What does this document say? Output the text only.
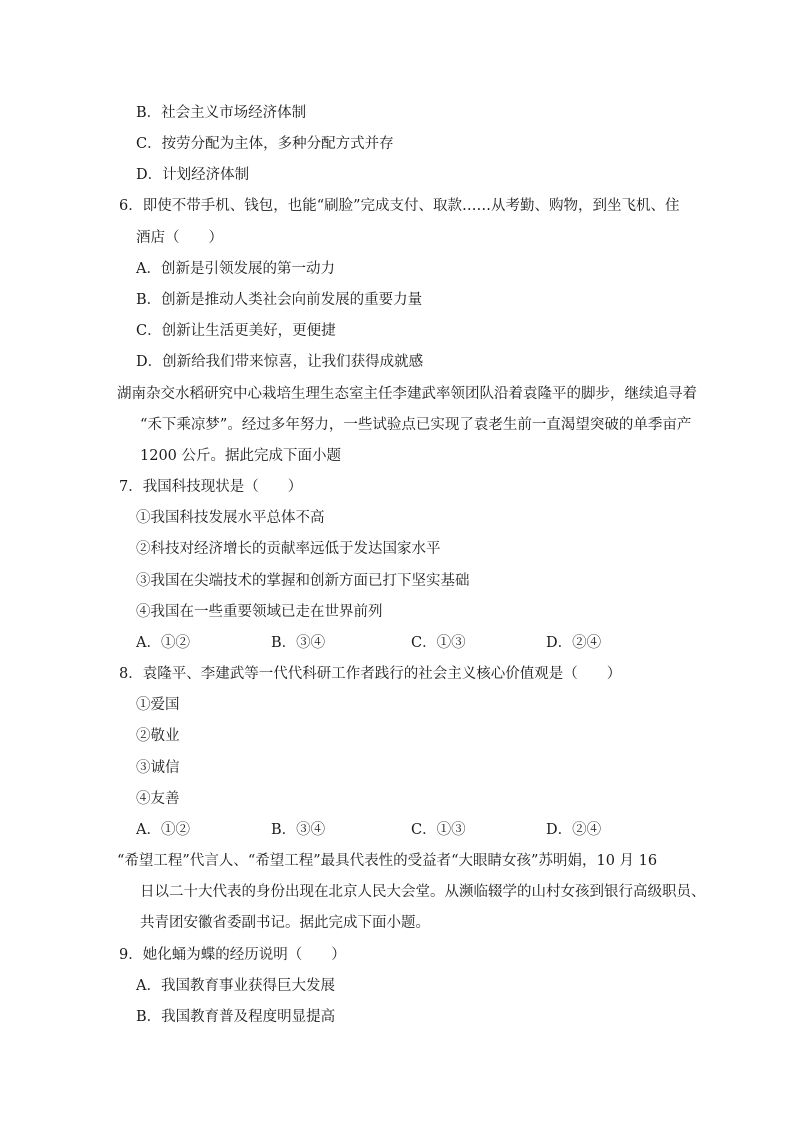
B．社会主义市场经济体制
C．按劳分配为主体，多种分配方式并存
D．计划经济体制
6．即使不带手机、钱包，也能“刷脸”完成支付、取款……从考勤、购物，到坐飞机、住
酒店（　　）
A．创新是引领发展的第一动力
B．创新是推动人类社会向前发展的重要力量
C．创新让生活更美好，更便捷
D．创新给我们带来惊喜，让我们获得成就感
湖南杂交水稻研究中心栽培生理生态室主任李建武率领团队沿着袁隆平的脚步，继续追寻着
“禾下乘凉梦”。经过多年努力，一些试验点已实现了袁老生前一直渴望突破的单季亩产
1200 公斤。据此完成下面小题
7．我国科技现状是（　　）
①我国科技发展水平总体不高
②科技对经济增长的贡献率远低于发达国家水平
③我国在尖端技术的掌握和创新方面已打下坚实基础
④我国在一些重要领域已走在世界前列
A．①②	B．③④	C．①③	D．②④
8．袁隆平、李建武等一代代科研工作者践行的社会主义核心价值观是（　　）
①爱国
②敬业
③诚信
④友善
A．①②	B．③④	C．①③	D．②④
“希望工程”代言人、“希望工程”最具代表性的受益者“大眼睛女孩”苏明娟，10 月 16
日以二十大代表的身份出现在北京人民大会堂。从濒临辍学的山村女孩到银行高级职员、
共青团安徽省委副书记。据此完成下面小题。
9．她化蛹为蝶的经历说明（　　）
A．我国教育事业获得巨大发展
B．我国教育普及程度明显提高
